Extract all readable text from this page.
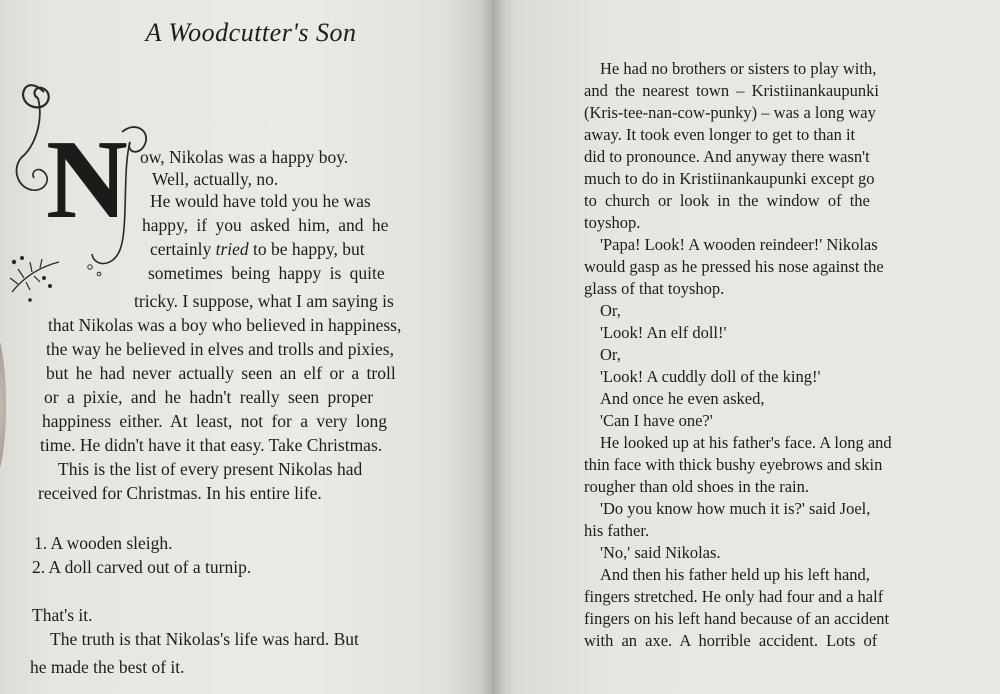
A Woodcutter's Son
N ow, Nikolas was a happy boy.
Well, actually, no.
He would have told you he was
happy, if you asked him, and he
certainly tried to be happy, but
sometimes being happy is quite
tricky. I suppose, what I am saying is
that Nikolas was a boy who believed in happiness,
the way he believed in elves and trolls and pixies,
but he had never actually seen an elf or a troll
or a pixie, and he hadn't really seen proper
happiness either. At least, not for a very long
time. He didn't have it that easy. Take Christmas.
This is the list of every present Nikolas had
received for Christmas. In his entire life.
1. A wooden sleigh.
2. A doll carved out of a turnip.
That's it.
The truth is that Nikolas's life was hard. But
he made the best of it.
He had no brothers or sisters to play with,
and the nearest town – Kristiinankaupunki
(Kris-tee-nan-cow-punky) – was a long way
away. It took even longer to get to than it
did to pronounce. And anyway there wasn't
much to do in Kristiinankaupunki except go
to church or look in the window of the
toyshop.
'Papa! Look! A wooden reindeer!' Nikolas
would gasp as he pressed his nose against the
glass of that toyshop.
Or,
'Look! An elf doll!'
Or,
'Look! A cuddly doll of the king!'
And once he even asked,
'Can I have one?'
He looked up at his father's face. A long and
thin face with thick bushy eyebrows and skin
rougher than old shoes in the rain.
'Do you know how much it is?' said Joel,
his father.
'No,' said Nikolas.
And then his father held up his left hand,
fingers stretched. He only had four and a half
fingers on his left hand because of an accident
with an axe. A horrible accident. Lots of
